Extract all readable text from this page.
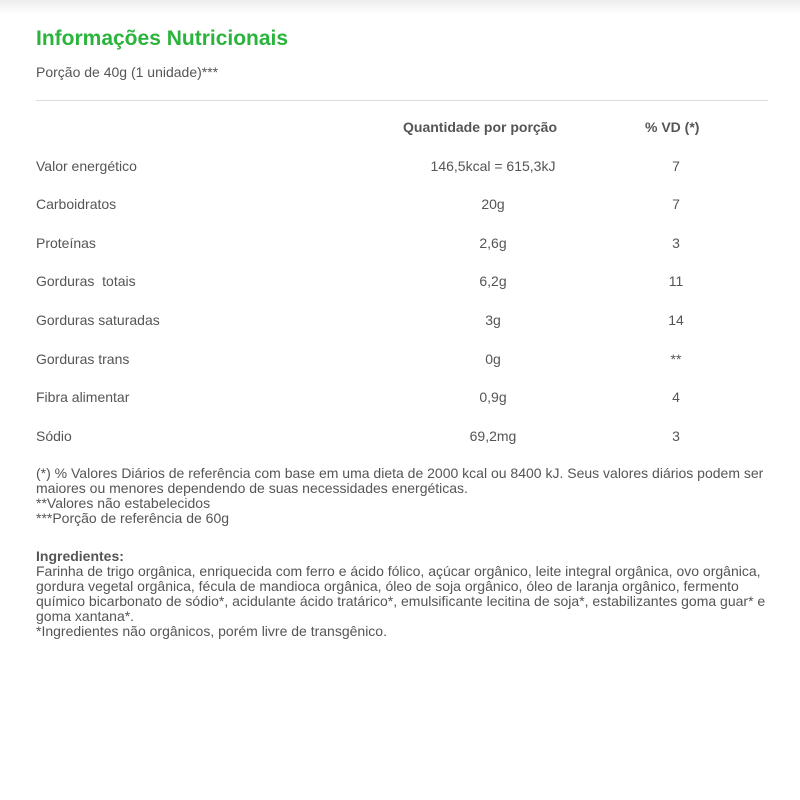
Informações Nutricionais
Porção de 40g (1 unidade)***
Quantidade por porção	% VD (*)
Valor energético	146,5kcal = 615,3kJ	7
Carboidratos	20g	7
Proteínas	2,6g	3
Gorduras  totais	6,2g	11
Gorduras saturadas	3g	14
Gorduras trans	0g	**
Fibra alimentar	0,9g	4
Sódio	69,2mg	3

(*) % Valores Diários de referência com base em uma dieta de 2000 kcal ou 8400 kJ. Seus valores diários podem ser maiores ou menores dependendo de suas necessidades energéticas.

**Valores não estabelecidos

***Porção de referência de 60g

Ingredientes:

Farinha de trigo orgânica, enriquecida com ferro e ácido fólico, açúcar orgânico, leite integral orgânica, ovo orgânica, gordura vegetal orgânica, fécula de mandioca orgânica, óleo de soja orgânico, óleo de laranja orgânico, fermento químico bicarbonato de sódio*, acidulante ácido tratárico*, emulsificante lecitina de soja*, estabilizantes goma guar* e goma xantana*.

*Ingredientes não orgânicos, porém livre de transgênico.
